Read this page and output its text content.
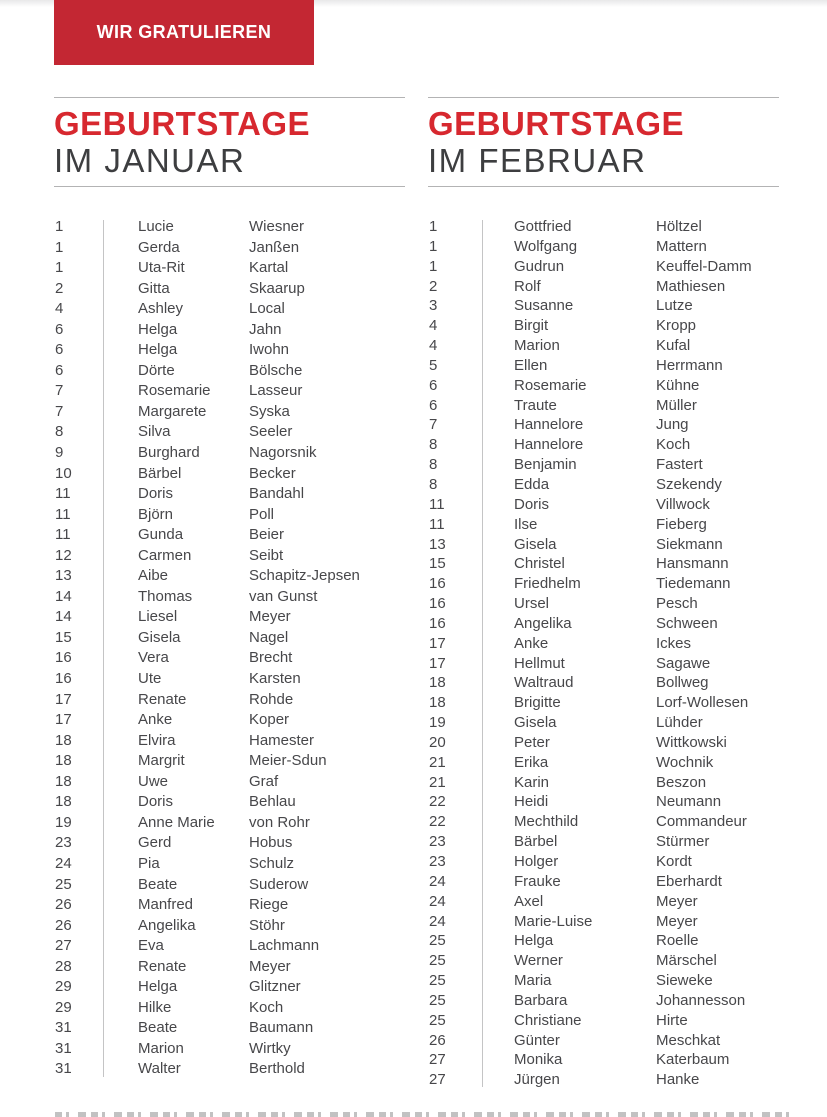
WIR GRATULIEREN
GEBURTSTAGE
IM JANUAR
1	Lucie	Wiesner
1	Gerda	Janßen
1	Uta-Rit	Kartal
2	Gitta	Skaarup
4	Ashley	Local
6	Helga	Jahn
6	Helga	Iwohn
6	Dörte	Bölsche
7	Rosemarie	Lasseur
7	Margarete	Syska
8	Silva	Seeler
9	Burghard	Nagorsnik
10	Bärbel	Becker
11	Doris	Bandahl
11	Björn	Poll
11	Gunda	Beier
12	Carmen	Seibt
13	Aibe	Schapitz-Jepsen
14	Thomas	van Gunst
14	Liesel	Meyer
15	Gisela	Nagel
16	Vera	Brecht
16	Ute	Karsten
17	Renate	Rohde
17	Anke	Koper
18	Elvira	Hamester
18	Margrit	Meier-Sdun
18	Uwe	Graf
18	Doris	Behlau
19	Anne Marie	von Rohr
23	Gerd	Hobus
24	Pia	Schulz
25	Beate	Suderow
26	Manfred	Riege
26	Angelika	Stöhr
27	Eva	Lachmann
28	Renate	Meyer
29	Helga	Glitzner
29	Hilke	Koch
31	Beate	Baumann
31	Marion	Wirtky
31	Walter	Berthold
GEBURTSTAGE
IM FEBRUAR
1	Gottfried	Höltzel
1	Wolfgang	Mattern
1	Gudrun	Keuffel-Damm
2	Rolf	Mathiesen
3	Susanne	Lutze
4	Birgit	Kropp
4	Marion	Kufal
5	Ellen	Herrmann
6	Rosemarie	Kühne
6	Traute	Müller
7	Hannelore	Jung
8	Hannelore	Koch
8	Benjamin	Fastert
8	Edda	Szekendy
11	Doris	Villwock
11	Ilse	Fieberg
13	Gisela	Siekmann
15	Christel	Hansmann
16	Friedhelm	Tiedemann
16	Ursel	Pesch
16	Angelika	Schween
17	Anke	Ickes
17	Hellmut	Sagawe
18	Waltraud	Bollweg
18	Brigitte	Lorf-Wollesen
19	Gisela	Lühder
20	Peter	Wittkowski
21	Erika	Wochnik
21	Karin	Beszon
22	Heidi	Neumann
22	Mechthild	Commandeur
23	Bärbel	Stürmer
23	Holger	Kordt
24	Frauke	Eberhardt
24	Axel	Meyer
24	Marie-Luise	Meyer
25	Helga	Roelle
25	Werner	Märschel
25	Maria	Sieweke
25	Barbara	Johannesson
25	Christiane	Hirte
26	Günter	Meschkat
27	Monika	Katerbaum
27	Jürgen	Hanke
